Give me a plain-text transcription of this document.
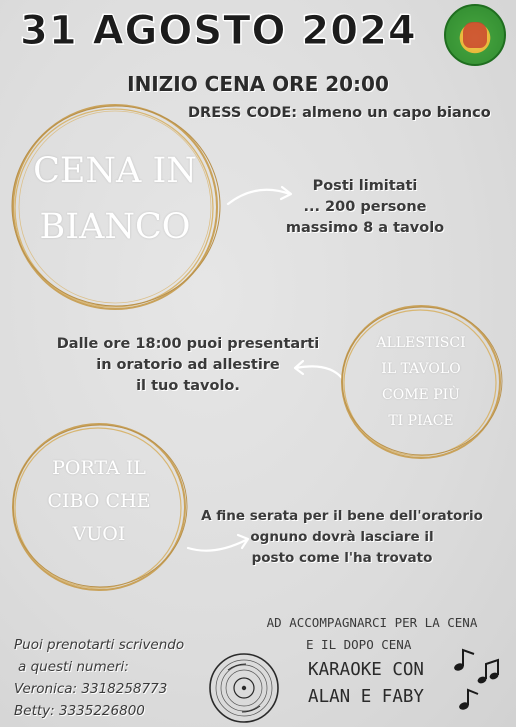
31 AGOSTO 2024
INIZIO CENA ORE 20:00
DRESS CODE: almeno un capo bianco
CENA IN
BIANCO
Posti limitati
... 200 persone
massimo 8 a tavolo
Dalle ore 18:00 puoi presentarti
in oratorio ad allestire
il tuo tavolo.
ALLESTISCI
IL TAVOLO
COME PIÙ
TI PIACE
PORTA IL
CIBO CHE
VUOI
A fine serata per il bene dell'oratorio
ognuno dovrà lasciare il
posto come l'ha trovato
Puoi prenotarti scrivendo
a questi numeri:
Veronica: 3318258773
Betty: 3335226800
AD ACCOMPAGNARCI PER LA CENA
E IL DOPO CENA
KARAOKE CON
ALAN E FABY
